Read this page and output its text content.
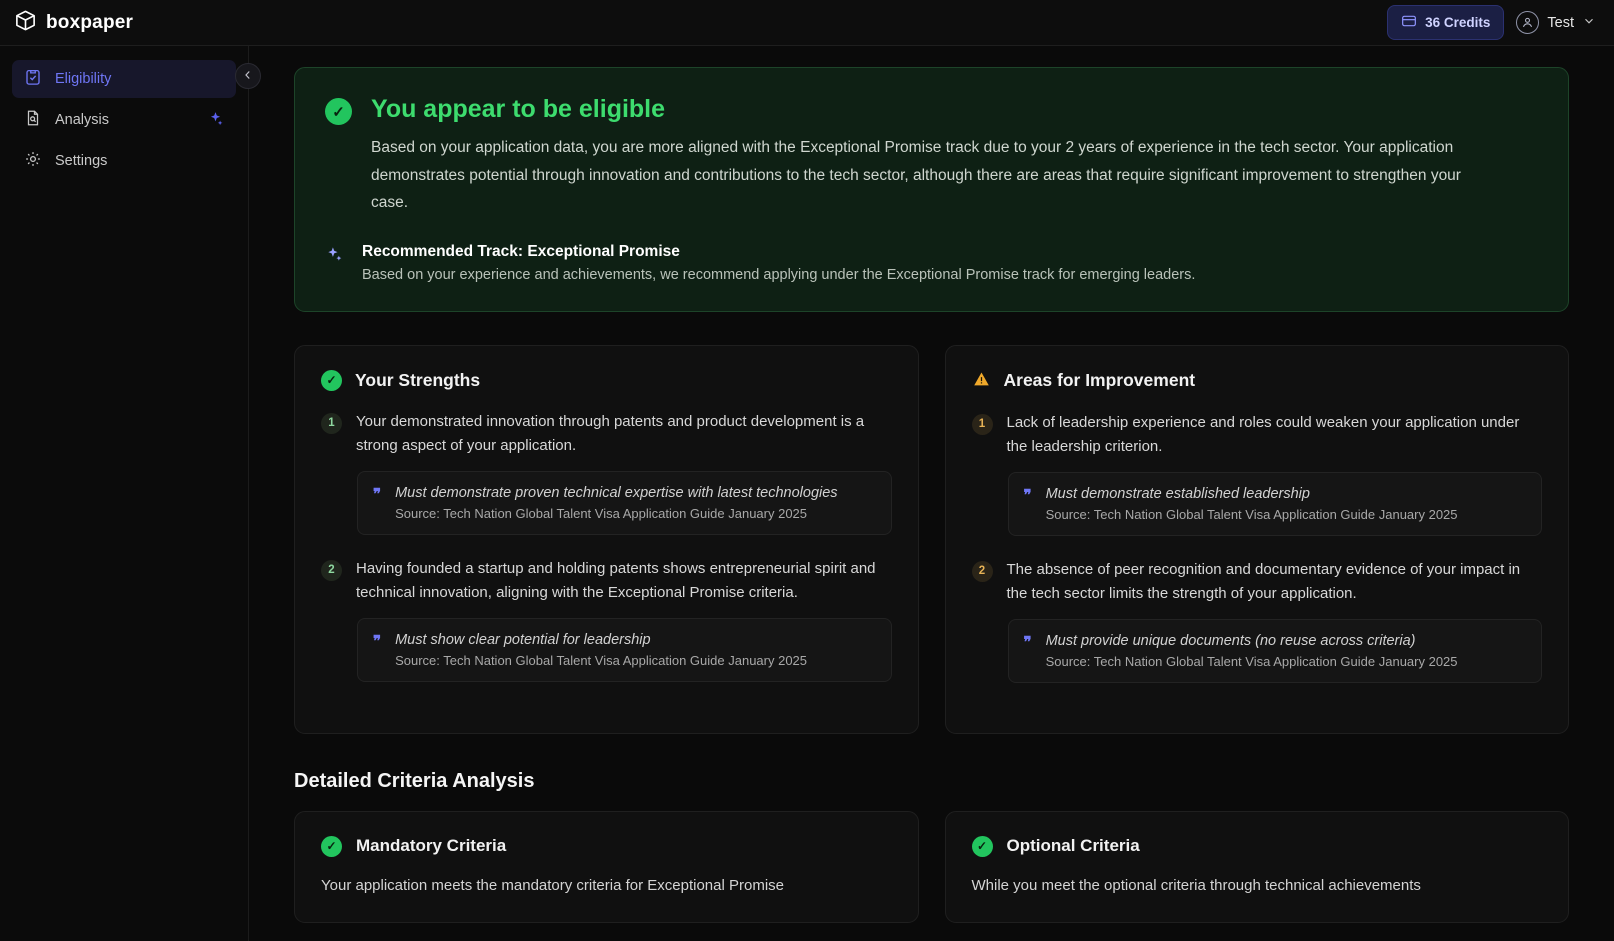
boxpaper	36 Credits	Test
Eligibility
Analysis
Settings
✓ You appear to be eligible
Based on your application data, you are more aligned with the Exceptional Promise track due to your 2 years of experience in the tech sector. Your application demonstrates potential through innovation and contributions to the tech sector, although there are areas that require significant improvement to strengthen your case.
Recommended Track: Exceptional Promise
Based on your experience and achievements, we recommend applying under the Exceptional Promise track for emerging leaders.
✓	Your Strengths
1	Your demonstrated innovation through patents and product development is a strong aspect of your application.
❞ Must demonstrate proven technical expertise with latest technologies
Source: Tech Nation Global Talent Visa Application Guide January 2025
2	Having founded a startup and holding patents shows entrepreneurial spirit and technical innovation, aligning with the Exceptional Promise criteria.
❞ Must show clear potential for leadership
Source: Tech Nation Global Talent Visa Application Guide January 2025
Areas for Improvement
1	Lack of leadership experience and roles could weaken your application under the leadership criterion.
❞ Must demonstrate established leadership
Source: Tech Nation Global Talent Visa Application Guide January 2025
2	The absence of peer recognition and documentary evidence of your impact in the tech sector limits the strength of your application.
❞ Must provide unique documents (no reuse across criteria)
Source: Tech Nation Global Talent Visa Application Guide January 2025
Detailed Criteria Analysis
✓	Mandatory Criteria
Your application meets the mandatory criteria for Exceptional Promise
✓	Optional Criteria
While you meet the optional criteria through technical achievements
